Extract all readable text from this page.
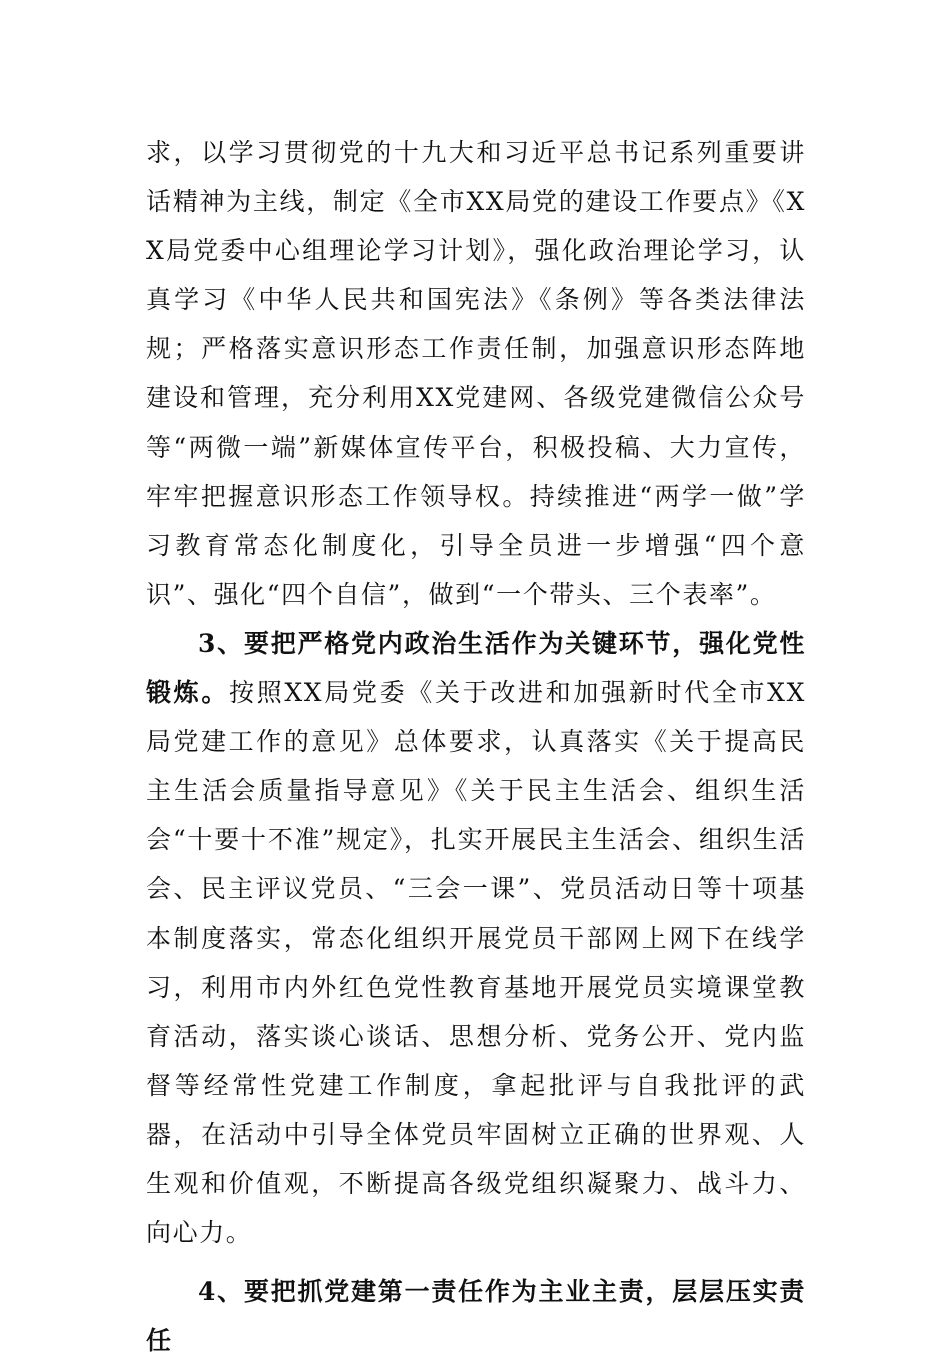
求，以学习贯彻党的十九大和习近平总书记系列重要讲话精神为主线，制定《全市XX局党的建设工作要点》《XX局党委中心组理论学习计划》，强化政治理论学习，认真学习《中华人民共和国宪法》《条例》等各类法律法规；严格落实意识形态工作责任制，加强意识形态阵地建设和管理，充分利用XX党建网、各级党建微信公众号等“两微一端”新媒体宣传平台，积极投稿、大力宣传，牢牢把握意识形态工作领导权。持续推进“两学一做”学习教育常态化制度化，引导全员进一步增强“四个意识”、强化“四个自信”，做到“一个带头、三个表率”。

3、要把严格党内政治生活作为关键环节，强化党性锻炼。按照XX局党委《关于改进和加强新时代全市XX局党建工作的意见》总体要求，认真落实《关于提高民主生活会质量指导意见》《关于民主生活会、组织生活会“十要十不准”规定》，扎实开展民主生活会、组织生活会、民主评议党员、“三会一课”、党员活动日等十项基本制度落实，常态化组织开展党员干部网上网下在线学习，利用市内外红色党性教育基地开展党员实境课堂教育活动，落实谈心谈话、思想分析、党务公开、党内监督等经常性党建工作制度，拿起批评与自我批评的武器，在活动中引导全体党员牢固树立正确的世界观、人生观和价值观，不断提高各级党组织凝聚力、战斗力、向心力。

4、要把抓党建第一责任作为主业主责，层层压实责任
